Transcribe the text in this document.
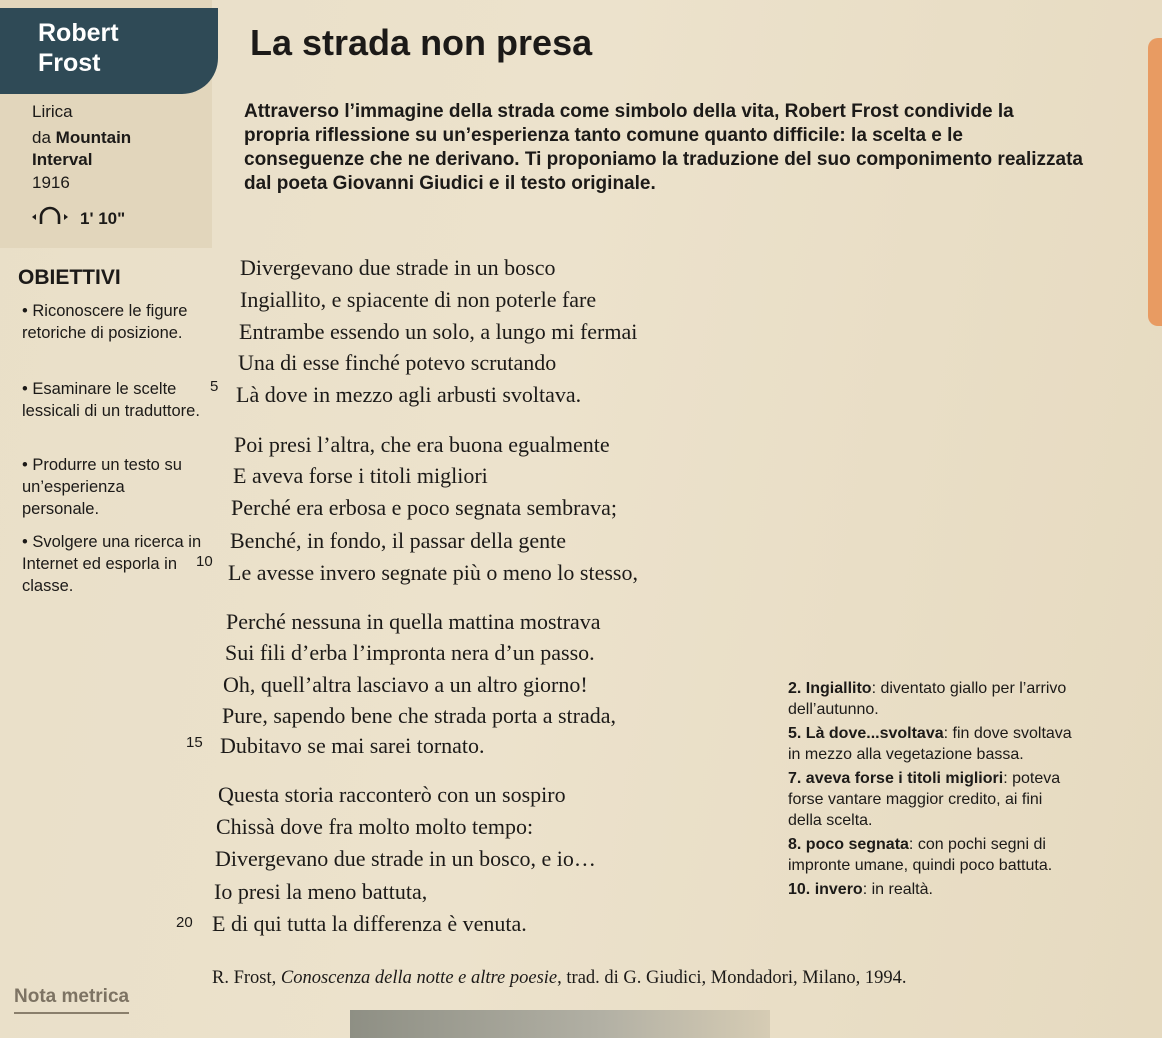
Robert
Frost	La strada non presa
Lirica
da Mountain
Interval
1916
1' 10"

Attraverso l’immagine della strada come simbolo della vita, Robert Frost condivide la propria riflessione su un’esperienza tanto comune quanto difficile: la scelta e le conseguenze che ne derivano. Ti proponiamo la traduzione del suo componimento realizzata dal poeta Giovanni Giudici e il testo originale.

OBIETTIVI
• Riconoscere le figure retoriche di posizione.
• Esaminare le scelte lessicali di un traduttore.
• Produrre un testo su un’esperienza personale.
• Svolgere una ricerca in Internet ed esporla in classe.
Divergevano due strade in un bosco
Ingiallito, e spiacente di non poterle fare
Entrambe essendo un solo, a lungo mi fermai
Una di esse finché potevo scrutando
5 Là dove in mezzo agli arbusti svoltava.
Poi presi l’altra, che era buona egualmente
E aveva forse i titoli migliori
Perché era erbosa e poco segnata sembrava;
Benché, in fondo, il passar della gente
10 Le avesse invero segnate più o meno lo stesso,
Perché nessuna in quella mattina mostrava
Sui fili d’erba l’impronta nera d’un passo.
Oh, quell’altra lasciavo a un altro giorno!
Pure, sapendo bene che strada porta a strada,
15 Dubitavo se mai sarei tornato.
Questa storia racconterò con un sospiro
Chissà dove fra molto molto tempo:
Divergevano due strade in un bosco, e io…
Io presi la meno battuta,
20 E di qui tutta la differenza è venuta.

2. Ingiallito: diventato giallo per l’arrivo dell’autunno.

5. Là dove...svoltava: fin dove svoltava in mezzo alla vegetazione bassa.

7. aveva forse i titoli migliori: poteva forse vantare maggior credito, ai fini della scelta.

8. poco segnata: con pochi segni di impronte umane, quindi poco battuta.

10. invero: in realtà.

R. Frost, Conoscenza della notte e altre poesie, trad. di G. Giudici, Mondadori, Milano, 1994.
Nota metrica
